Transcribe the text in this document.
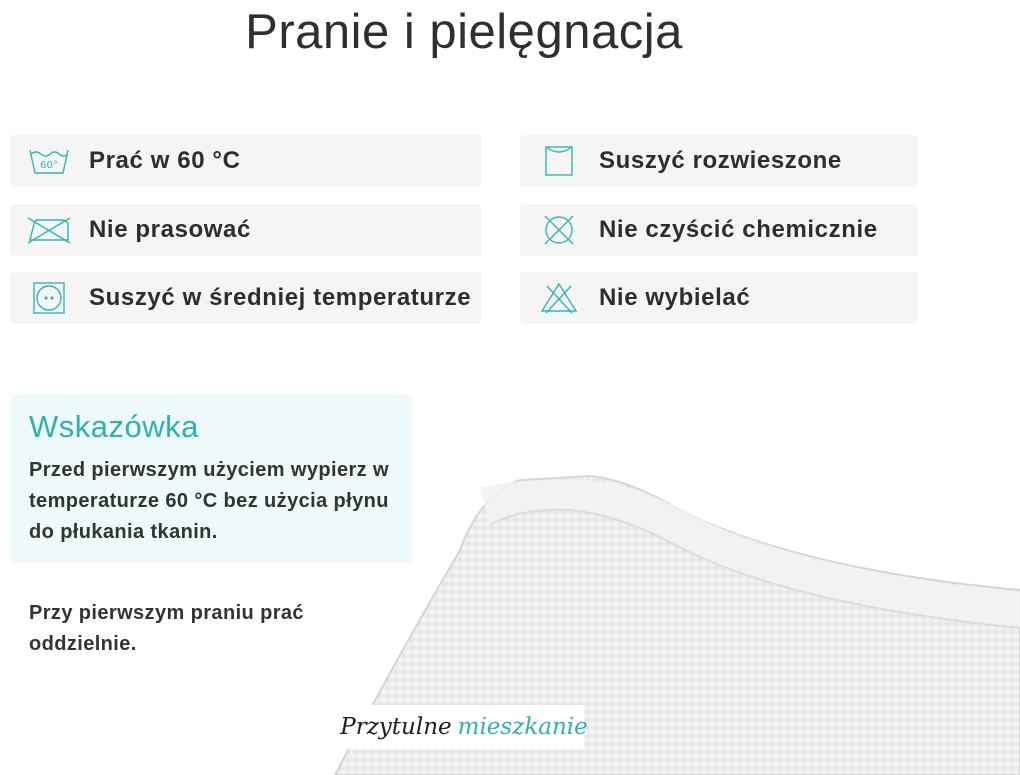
Pranie i pielęgnacja
60° Prać w 60 °C	Suszyć rozwieszone
Nie prasować	Nie czyścić chemicznie
Suszyć w średniej temperaturze	Nie wybielać
Wskazówka

Przed pierwszym użyciem wypierz w temperaturze 60 °C bez użycia płynu do płukania tkanin.

Przy pierwszym praniu prać oddzielnie.
Przytulne mieszkanie
